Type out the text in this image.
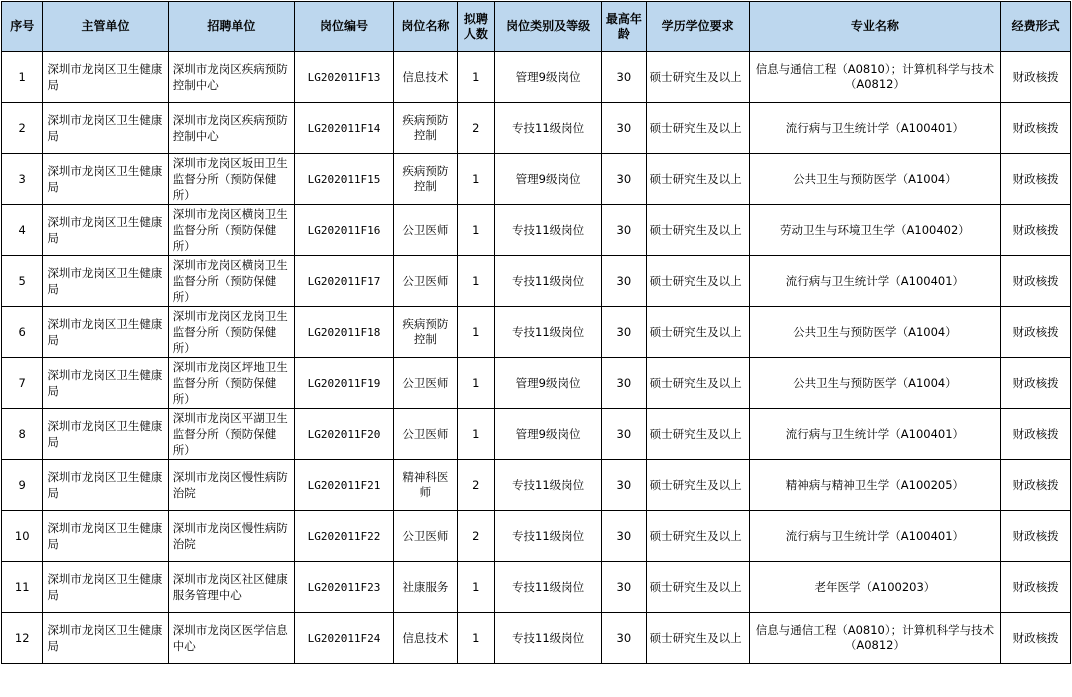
序号	主管单位	招聘单位	岗位编号	岗位名称	拟聘人数	岗位类别及等级	最高年龄	学历学位要求	专业名称	经费形式
1	深圳市龙岗区卫生健康局	深圳市龙岗区疾病预防控制中心	LG202011F13	信息技术	1	管理9级岗位	30	硕士研究生及以上	信息与通信工程（A0810）；计算机科学与技术（A0812）	财政核拨
2	深圳市龙岗区卫生健康局	深圳市龙岗区疾病预防控制中心	LG202011F14	疾病预防控制	2	专技11级岗位	30	硕士研究生及以上	流行病与卫生统计学（A100401）	财政核拨
3	深圳市龙岗区卫生健康局	深圳市龙岗区坂田卫生监督分所（预防保健所）	LG202011F15	疾病预防控制	1	管理9级岗位	30	硕士研究生及以上	公共卫生与预防医学（A1004）	财政核拨
4	深圳市龙岗区卫生健康局	深圳市龙岗区横岗卫生监督分所（预防保健所）	LG202011F16	公卫医师	1	专技11级岗位	30	硕士研究生及以上	劳动卫生与环境卫生学（A100402）	财政核拨
5	深圳市龙岗区卫生健康局	深圳市龙岗区横岗卫生监督分所（预防保健所）	LG202011F17	公卫医师	1	专技11级岗位	30	硕士研究生及以上	流行病与卫生统计学（A100401）	财政核拨
6	深圳市龙岗区卫生健康局	深圳市龙岗区龙岗卫生监督分所（预防保健所）	LG202011F18	疾病预防控制	1	专技11级岗位	30	硕士研究生及以上	公共卫生与预防医学（A1004）	财政核拨
7	深圳市龙岗区卫生健康局	深圳市龙岗区坪地卫生监督分所（预防保健所）	LG202011F19	公卫医师	1	管理9级岗位	30	硕士研究生及以上	公共卫生与预防医学（A1004）	财政核拨
8	深圳市龙岗区卫生健康局	深圳市龙岗区平湖卫生监督分所（预防保健所）	LG202011F20	公卫医师	1	管理9级岗位	30	硕士研究生及以上	流行病与卫生统计学（A100401）	财政核拨
9	深圳市龙岗区卫生健康局	深圳市龙岗区慢性病防治院	LG202011F21	精神科医师	2	专技11级岗位	30	硕士研究生及以上	精神病与精神卫生学（A100205）	财政核拨
10	深圳市龙岗区卫生健康局	深圳市龙岗区慢性病防治院	LG202011F22	公卫医师	2	专技11级岗位	30	硕士研究生及以上	流行病与卫生统计学（A100401）	财政核拨
11	深圳市龙岗区卫生健康局	深圳市龙岗区社区健康服务管理中心	LG202011F23	社康服务	1	专技11级岗位	30	硕士研究生及以上	老年医学（A100203）	财政核拨
12	深圳市龙岗区卫生健康局	深圳市龙岗区医学信息中心	LG202011F24	信息技术	1	专技11级岗位	30	硕士研究生及以上	信息与通信工程（A0810）；计算机科学与技术（A0812）	财政核拨
